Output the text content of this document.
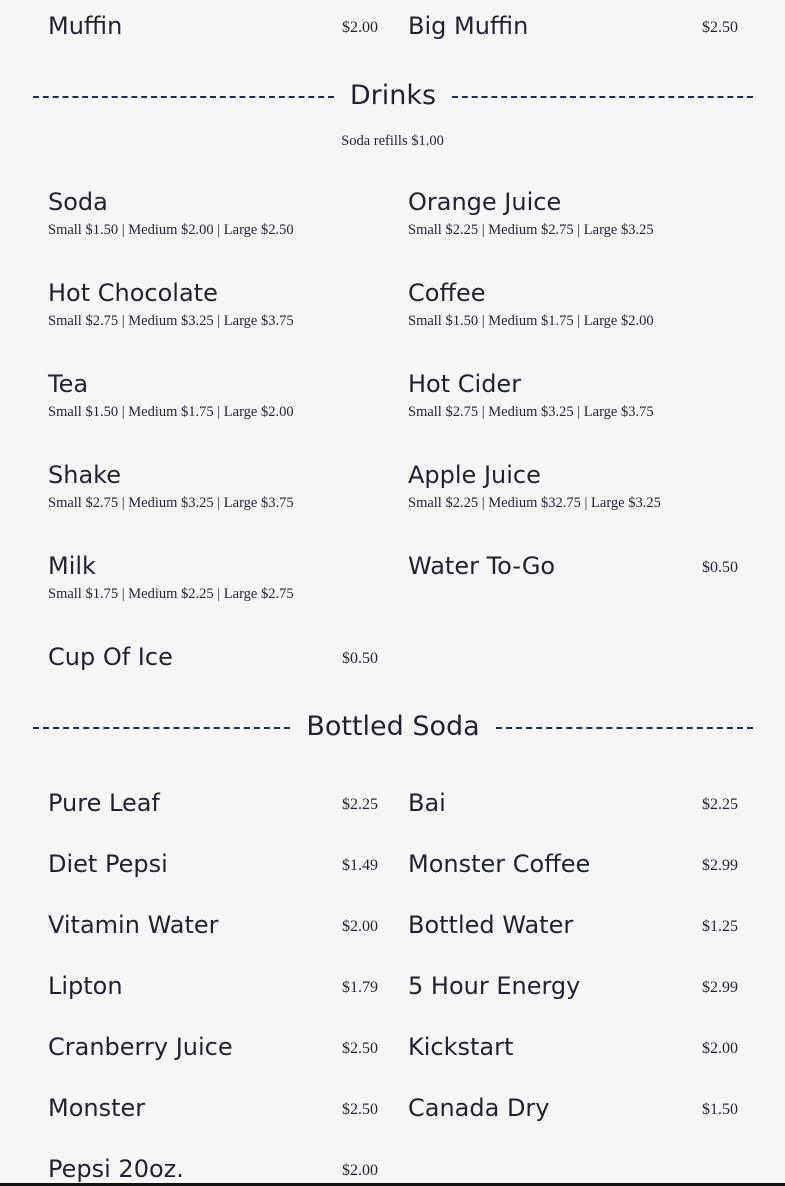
Muffin	$2.00 Big Muffin	$2.50
Drinks
Soda refills $1.00
Soda
Small $1.50 | Medium $2.00 | Large $2.50
Orange Juice
Small $2.25 | Medium $2.75 | Large $3.25
Hot Chocolate
Small $2.75 | Medium $3.25 | Large $3.75
Coffee
Small $1.50 | Medium $1.75 | Large $2.00
Tea
Small $1.50 | Medium $1.75 | Large $2.00
Hot Cider
Small $2.75 | Medium $3.25 | Large $3.75
Shake
Small $2.75 | Medium $3.25 | Large $3.75
Apple Juice
Small $2.25 | Medium $32.75 | Large $3.25
Milk
Small $1.75 | Medium $2.25 | Large $2.75
Water To-Go	$0.50
Cup Of Ice	$0.50
Bottled Soda
Pure Leaf	$2.25 Bai	$2.25
Diet Pepsi	$1.49 Monster Coffee	$2.99
Vitamin Water	$2.00 Bottled Water	$1.25
Lipton	$1.79 5 Hour Energy	$2.99
Cranberry Juice	$2.50 Kickstart	$2.00
Monster	$2.50 Canada Dry	$1.50
Pepsi 20oz.	$2.00
